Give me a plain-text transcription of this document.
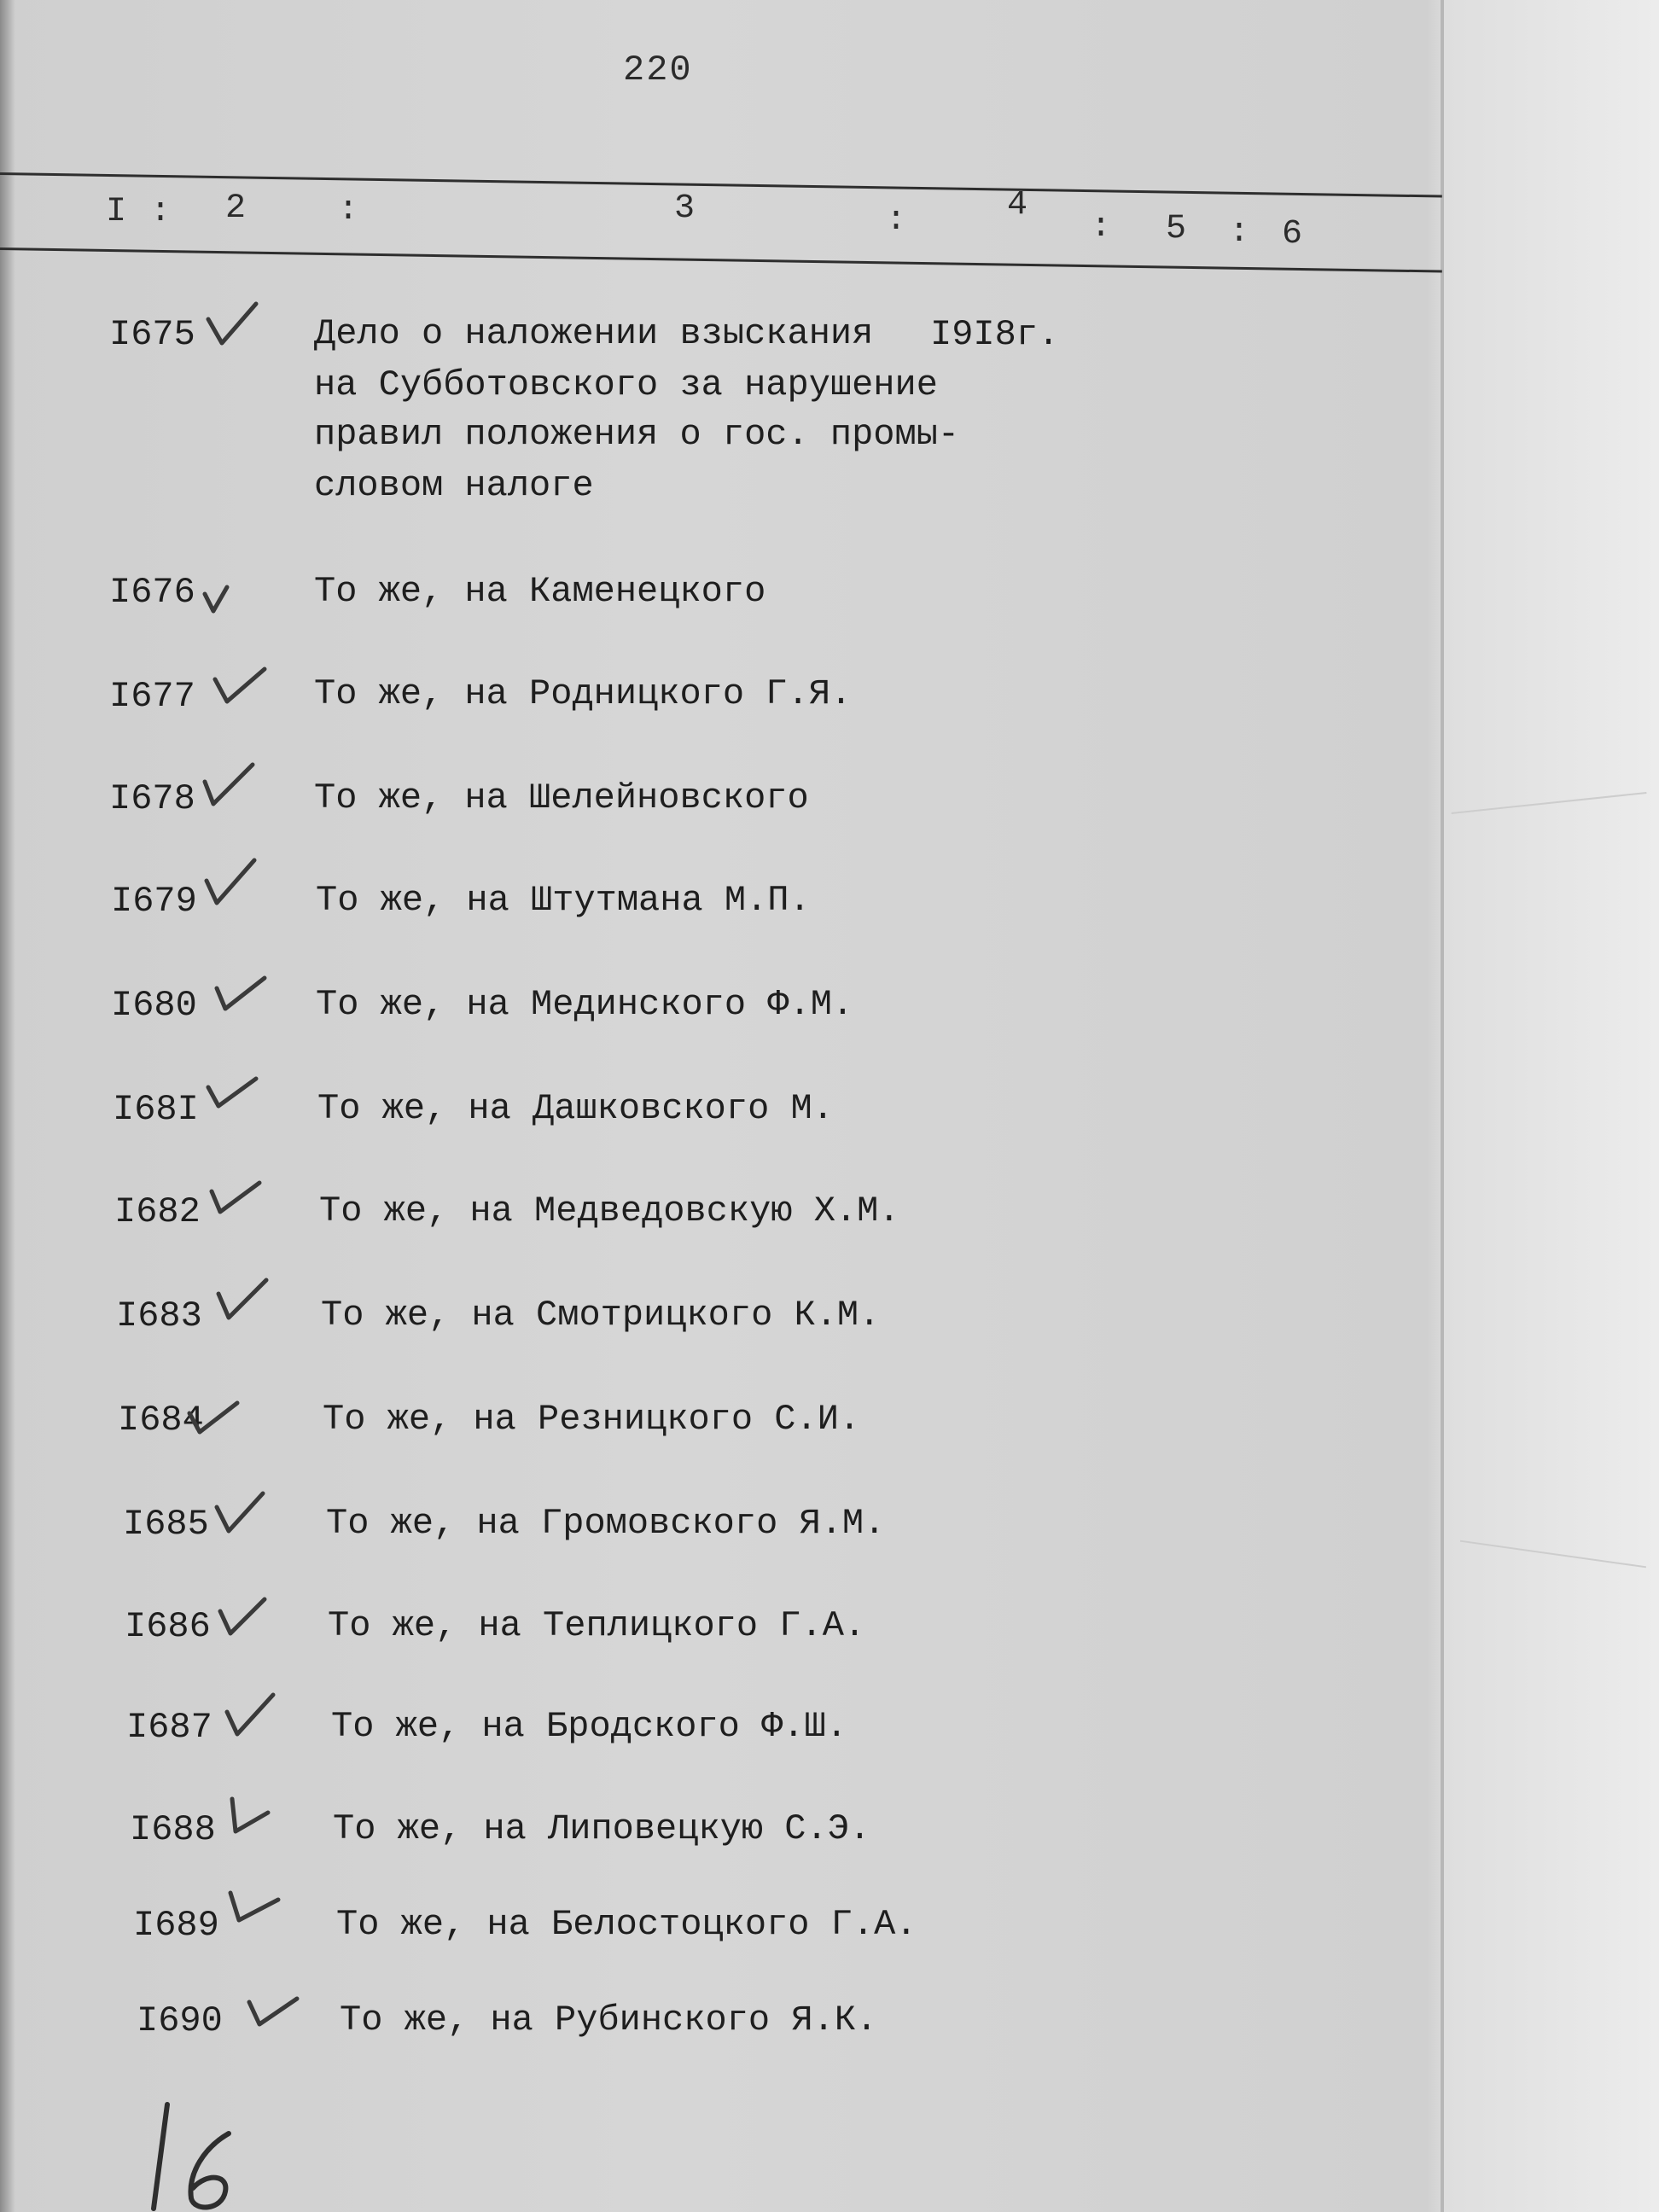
220
I : 2	:	3	:	4
: 5 : 6
I675	Дело о наложении взыскания
на Субботовского за нарушение
правил положения о гос. промы-
словом налоге
I9I8г.
I676	То же, на Каменецкого
I677	То же, на Родницкого Г.Я.
I678	То же, на Шелейновского
I679	То же, на Штутмана М.П.
I680	То же, на Мединского Ф.М.
I68I	То же, на Дашковского М.
I682	То же, на Медведовскую Х.М.
I683	То же, на Смотрицкого К.М.
I684	То же, на Резницкого С.И.
I685	То же, на Громовского Я.М.
I686	То же, на Теплицкого Г.А.
I687	То же, на Бродского Ф.Ш.
I688	То же, на Липовецкую С.Э.
I689	То же, на Белостоцкого Г.А.
I690	То же, на Рубинского Я.К.
